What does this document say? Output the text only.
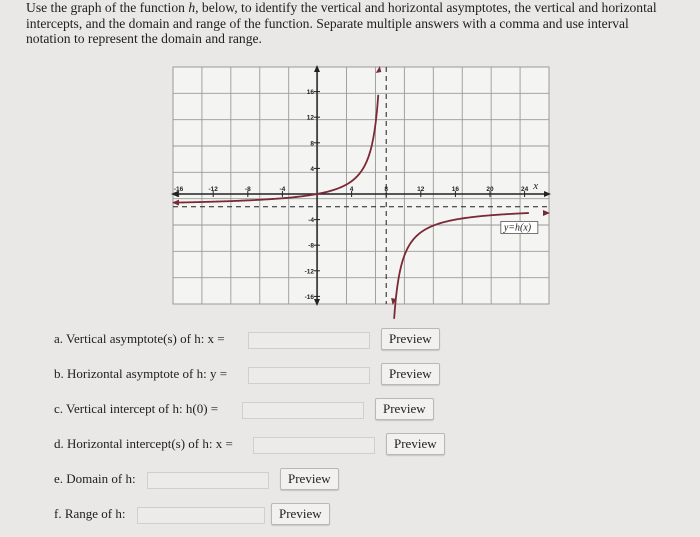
Use the graph of the function h, below, to identify the vertical and horizontal asymptotes, the vertical and horizontal intercepts, and the domain and range of the function. Separate multiple answers with a comma and use interval notation to represent the domain and range.
-16	-12	-8	-4	4	8	12	16	20	24
16
12
8
4
-4
-8
-12
-16
x
y=h(x)
a. Vertical asymptote(s) of h: x =	Preview
b. Horizontal asymptote of h: y =	Preview
c. Vertical intercept of h: h(0) =	Preview
d. Horizontal intercept(s) of h: x =	Preview
e. Domain of h:	Preview
f. Range of h:	Preview
